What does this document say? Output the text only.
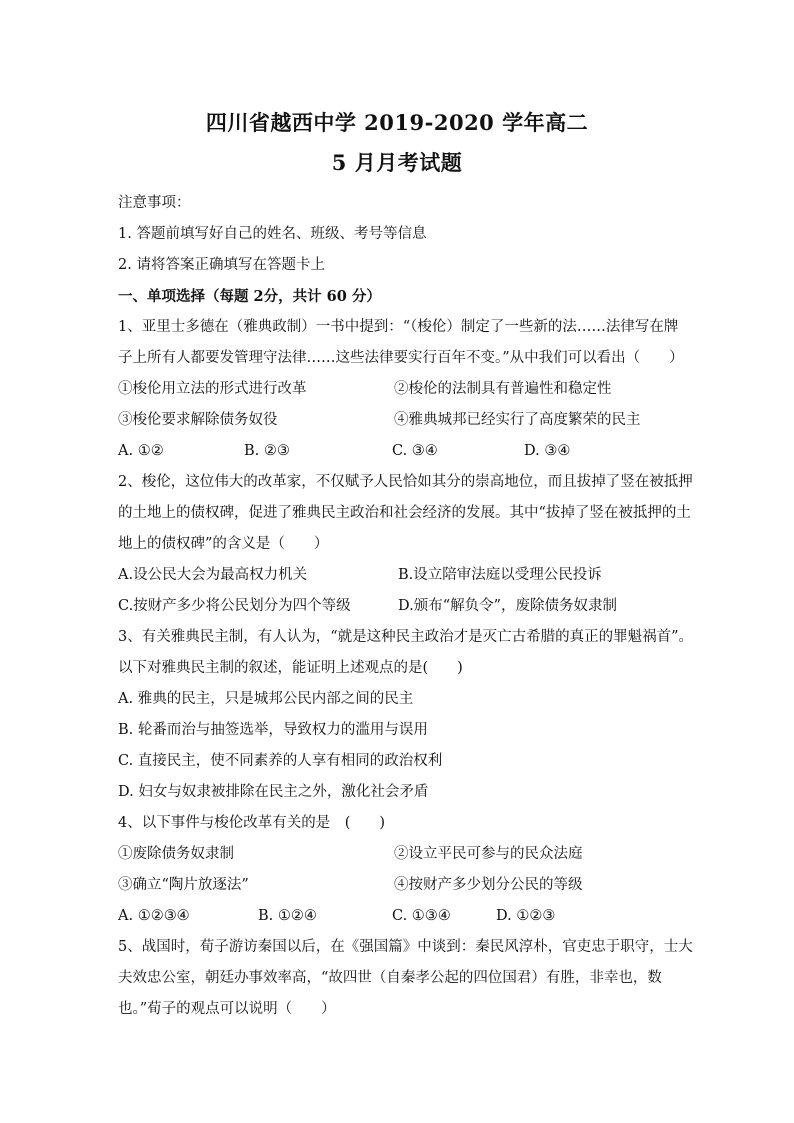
四川省越西中学 2019-2020 学年高二
5 月月考试题
注意事项：
1. 答题前填写好自己的姓名、班级、考号等信息
2. 请将答案正确填写在答题卡上
一、单项选择（每题 2分，共计 60 分）
1、亚里士多德在（雅典政制）一书中提到：“（梭伦）制定了一些新的法……法律写在牌
子上所有人都要发管理守法律……这些法律要实行百年不变。”从中我们可以看出（　　）
①梭伦用立法的形式进行改革	②梭伦的法制具有普遍性和稳定性
③梭伦要求解除债务奴役	④雅典城邦已经实行了高度繁荣的民主
A. ①②	B. ②③	C. ③④	D. ③④
2、梭伦，这位伟大的改革家，不仅赋予人民恰如其分的崇高地位，而且拔掉了竖在被抵押
的土地上的债权碑，促进了雅典民主政治和社会经济的发展。其中“拔掉了竖在被抵押的土
地上的债权碑”的含义是（　　）
A.设公民大会为最高权力机关	B.设立陪审法庭以受理公民投诉
C.按财产多少将公民划分为四个等级	D.颁布“解负令”，废除债务奴隶制
3、有关雅典民主制，有人认为，“就是这种民主政治才是灭亡古希腊的真正的罪魁祸首”。
以下对雅典民主制的叙述，能证明上述观点的是(　　)
A. 雅典的民主，只是城邦公民内部之间的民主
B. 轮番而治与抽签选举，导致权力的滥用与误用
C. 直接民主，使不同素养的人享有相同的政治权利
D. 妇女与奴隶被排除在民主之外，激化社会矛盾
4、以下事件与梭伦改革有关的是　(　　)
①废除债务奴隶制	②设立平民可参与的民众法庭
③确立“陶片放逐法”	④按财产多少划分公民的等级
A. ①②③④	B. ①②④	C. ①③④	D. ①②③
5、战国时，荀子游访秦国以后，在《强国篇》中谈到：秦民风淳朴，官吏忠于职守，士大
夫效忠公室，朝廷办事效率高，“故四世（自秦孝公起的四位国君）有胜，非幸也，数
也。”荀子的观点可以说明（　　）
